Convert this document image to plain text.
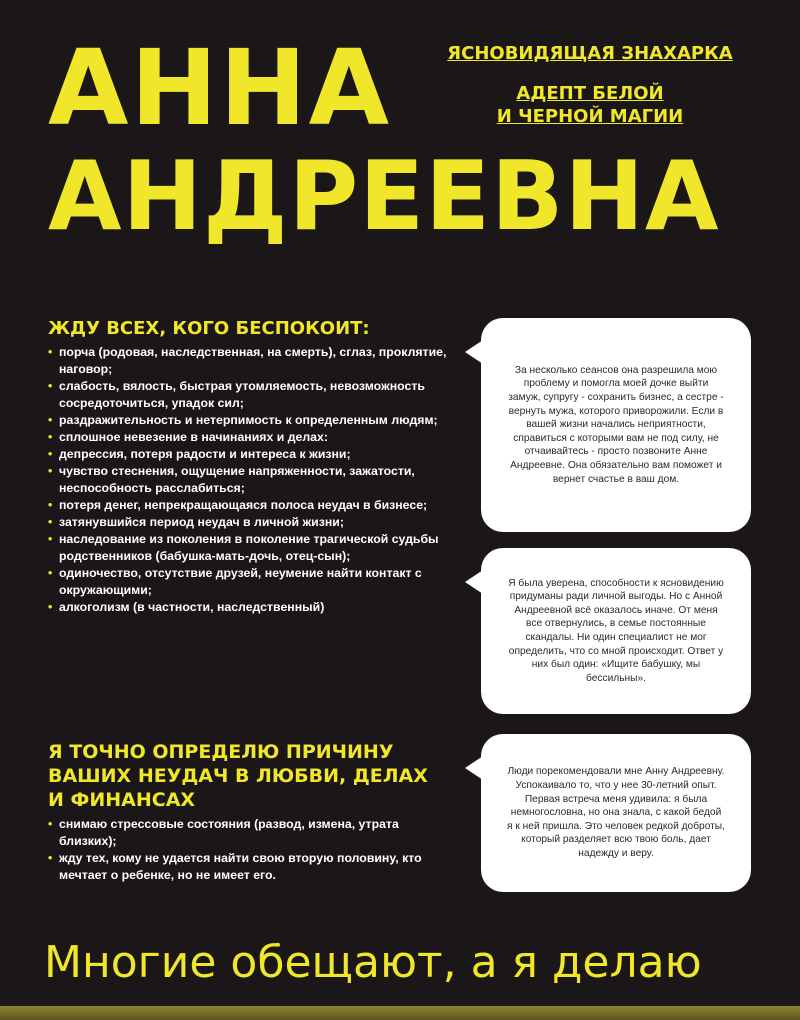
АННА
АНДРЕЕВНА
ЯСНОВИДЯЩАЯ ЗНАХАРКА
АДЕПТ БЕЛОЙ
И ЧЕРНОЙ МАГИИ
ЖДУ ВСЕХ, КОГО БЕСПОКОИТ:
• порча (родовая, наследственная, на смерть), сглаз, проклятие, наговор;
• слабость, вялость, быстрая утомляемость, невозможность сосредоточиться, упадок сил;
• раздражительность и нетерпимость к определенным людям;
• сплошное невезение в начинаниях и делах:
• депрессия, потеря радости и интереса к жизни;
• чувство стеснения, ощущение напряженности, зажатости, неспособность расслабиться;
• потеря денег, непрекращающаяся полоса неудач в бизнесе;
• затянувшийся период неудач в личной жизни;
• наследование из поколения в поколение трагической судьбы родственников (бабушка-мать-дочь, отец-сын);
• одиночество, отсутствие друзей, неумение найти контакт с окружающими;
• алкоголизм (в частности, наследственный)
Я ТОЧНО ОПРЕДЕЛЮ ПРИЧИНУ ВАШИХ НЕУДАЧ В ЛЮБВИ, ДЕЛАХ И ФИНАНСАХ
• снимаю стрессовые состояния (развод, измена, утрата близких);
• жду тех, кому не удается найти свою вторую половину, кто мечтает о ребенке, но не имеет его.

За несколько сеансов она разрешила мою проблему и помогла моей дочке выйти замуж, супругу - сохранить бизнес, а сестре - вернуть мужа, которого приворожили. Если в вашей жизни начались неприятности, справиться с которыми вам не под силу, не отчаивайтесь - просто позвоните Анне Андреевне. Она обязательно вам поможет и вернет счастье в ваш дом.

Я была уверена, способности к ясновидению придуманы ради личной выгоды. Но с Анной Андреевной всё оказалось иначе. От меня все отвернулись, в семье постоянные скандалы. Ни один специалист не мог определить, что со мной происходит. Ответ у них был один: «Ищите бабушку, мы бессильны».

Люди порекомендовали мне Анну Андреевну. Успокаивало то, что у нее 30-летний опыт. Первая встреча меня удивила: я была немногословна, но она знала, с какой бедой я к ней пришла. Это человек редкой доброты, который разделяет всю твою боль, дает надежду и веру.

Многие обещают, а я делаю
